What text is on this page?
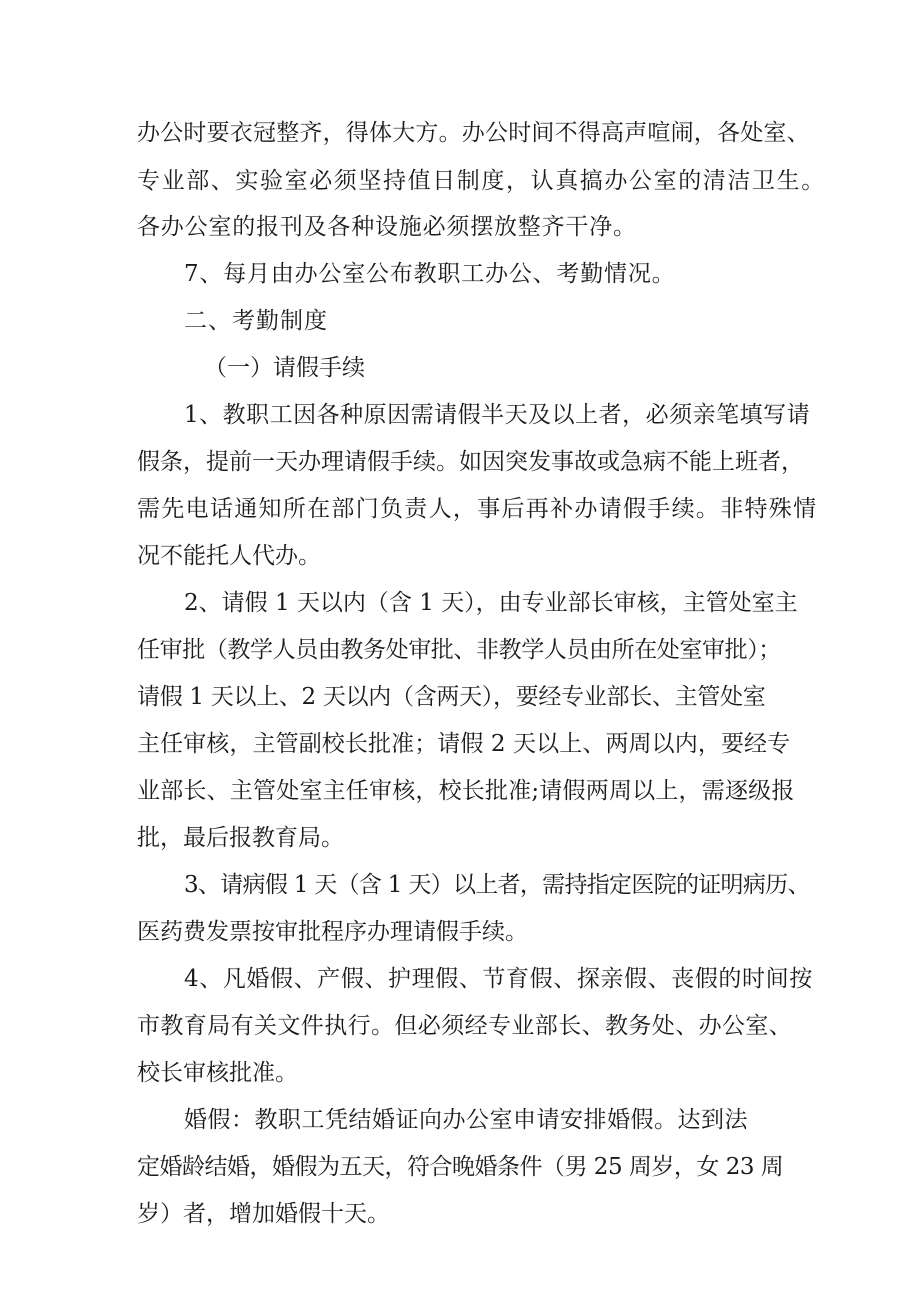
办公时要衣冠整齐，得体大方。办公时间不得高声喧闹，各处室、
专业部、实验室必须坚持值日制度，认真搞办公室的清洁卫生。
各办公室的报刊及各种设施必须摆放整齐干净。
7、每月由办公室公布教职工办公、考勤情况。
二、考勤制度
（一）请假手续
1、教职工因各种原因需请假半天及以上者，必须亲笔填写请
假条，提前一天办理请假手续。如因突发事故或急病不能上班者，
需先电话通知所在部门负责人，事后再补办请假手续。非特殊情
况不能托人代办。
2、请假 1 天以内（含 1 天），由专业部长审核，主管处室主
任审批（教学人员由教务处审批、非教学人员由所在处室审批）；
请假 1 天以上、2 天以内（含两天），要经专业部长、主管处室
主任审核，主管副校长批准；请假 2 天以上、两周以内，要经专
业部长、主管处室主任审核，校长批准;请假两周以上，需逐级报
批，最后报教育局。
3、请病假 1 天（含 1 天）以上者，需持指定医院的证明病历、
医药费发票按审批程序办理请假手续。
4、凡婚假、产假、护理假、节育假、探亲假、丧假的时间按
市教育局有关文件执行。但必须经专业部长、教务处、办公室、
校长审核批准。
婚假：教职工凭结婚证向办公室申请安排婚假。达到法
定婚龄结婚，婚假为五天，符合晚婚条件（男 25 周岁，女 23 周
岁）者，增加婚假十天。
